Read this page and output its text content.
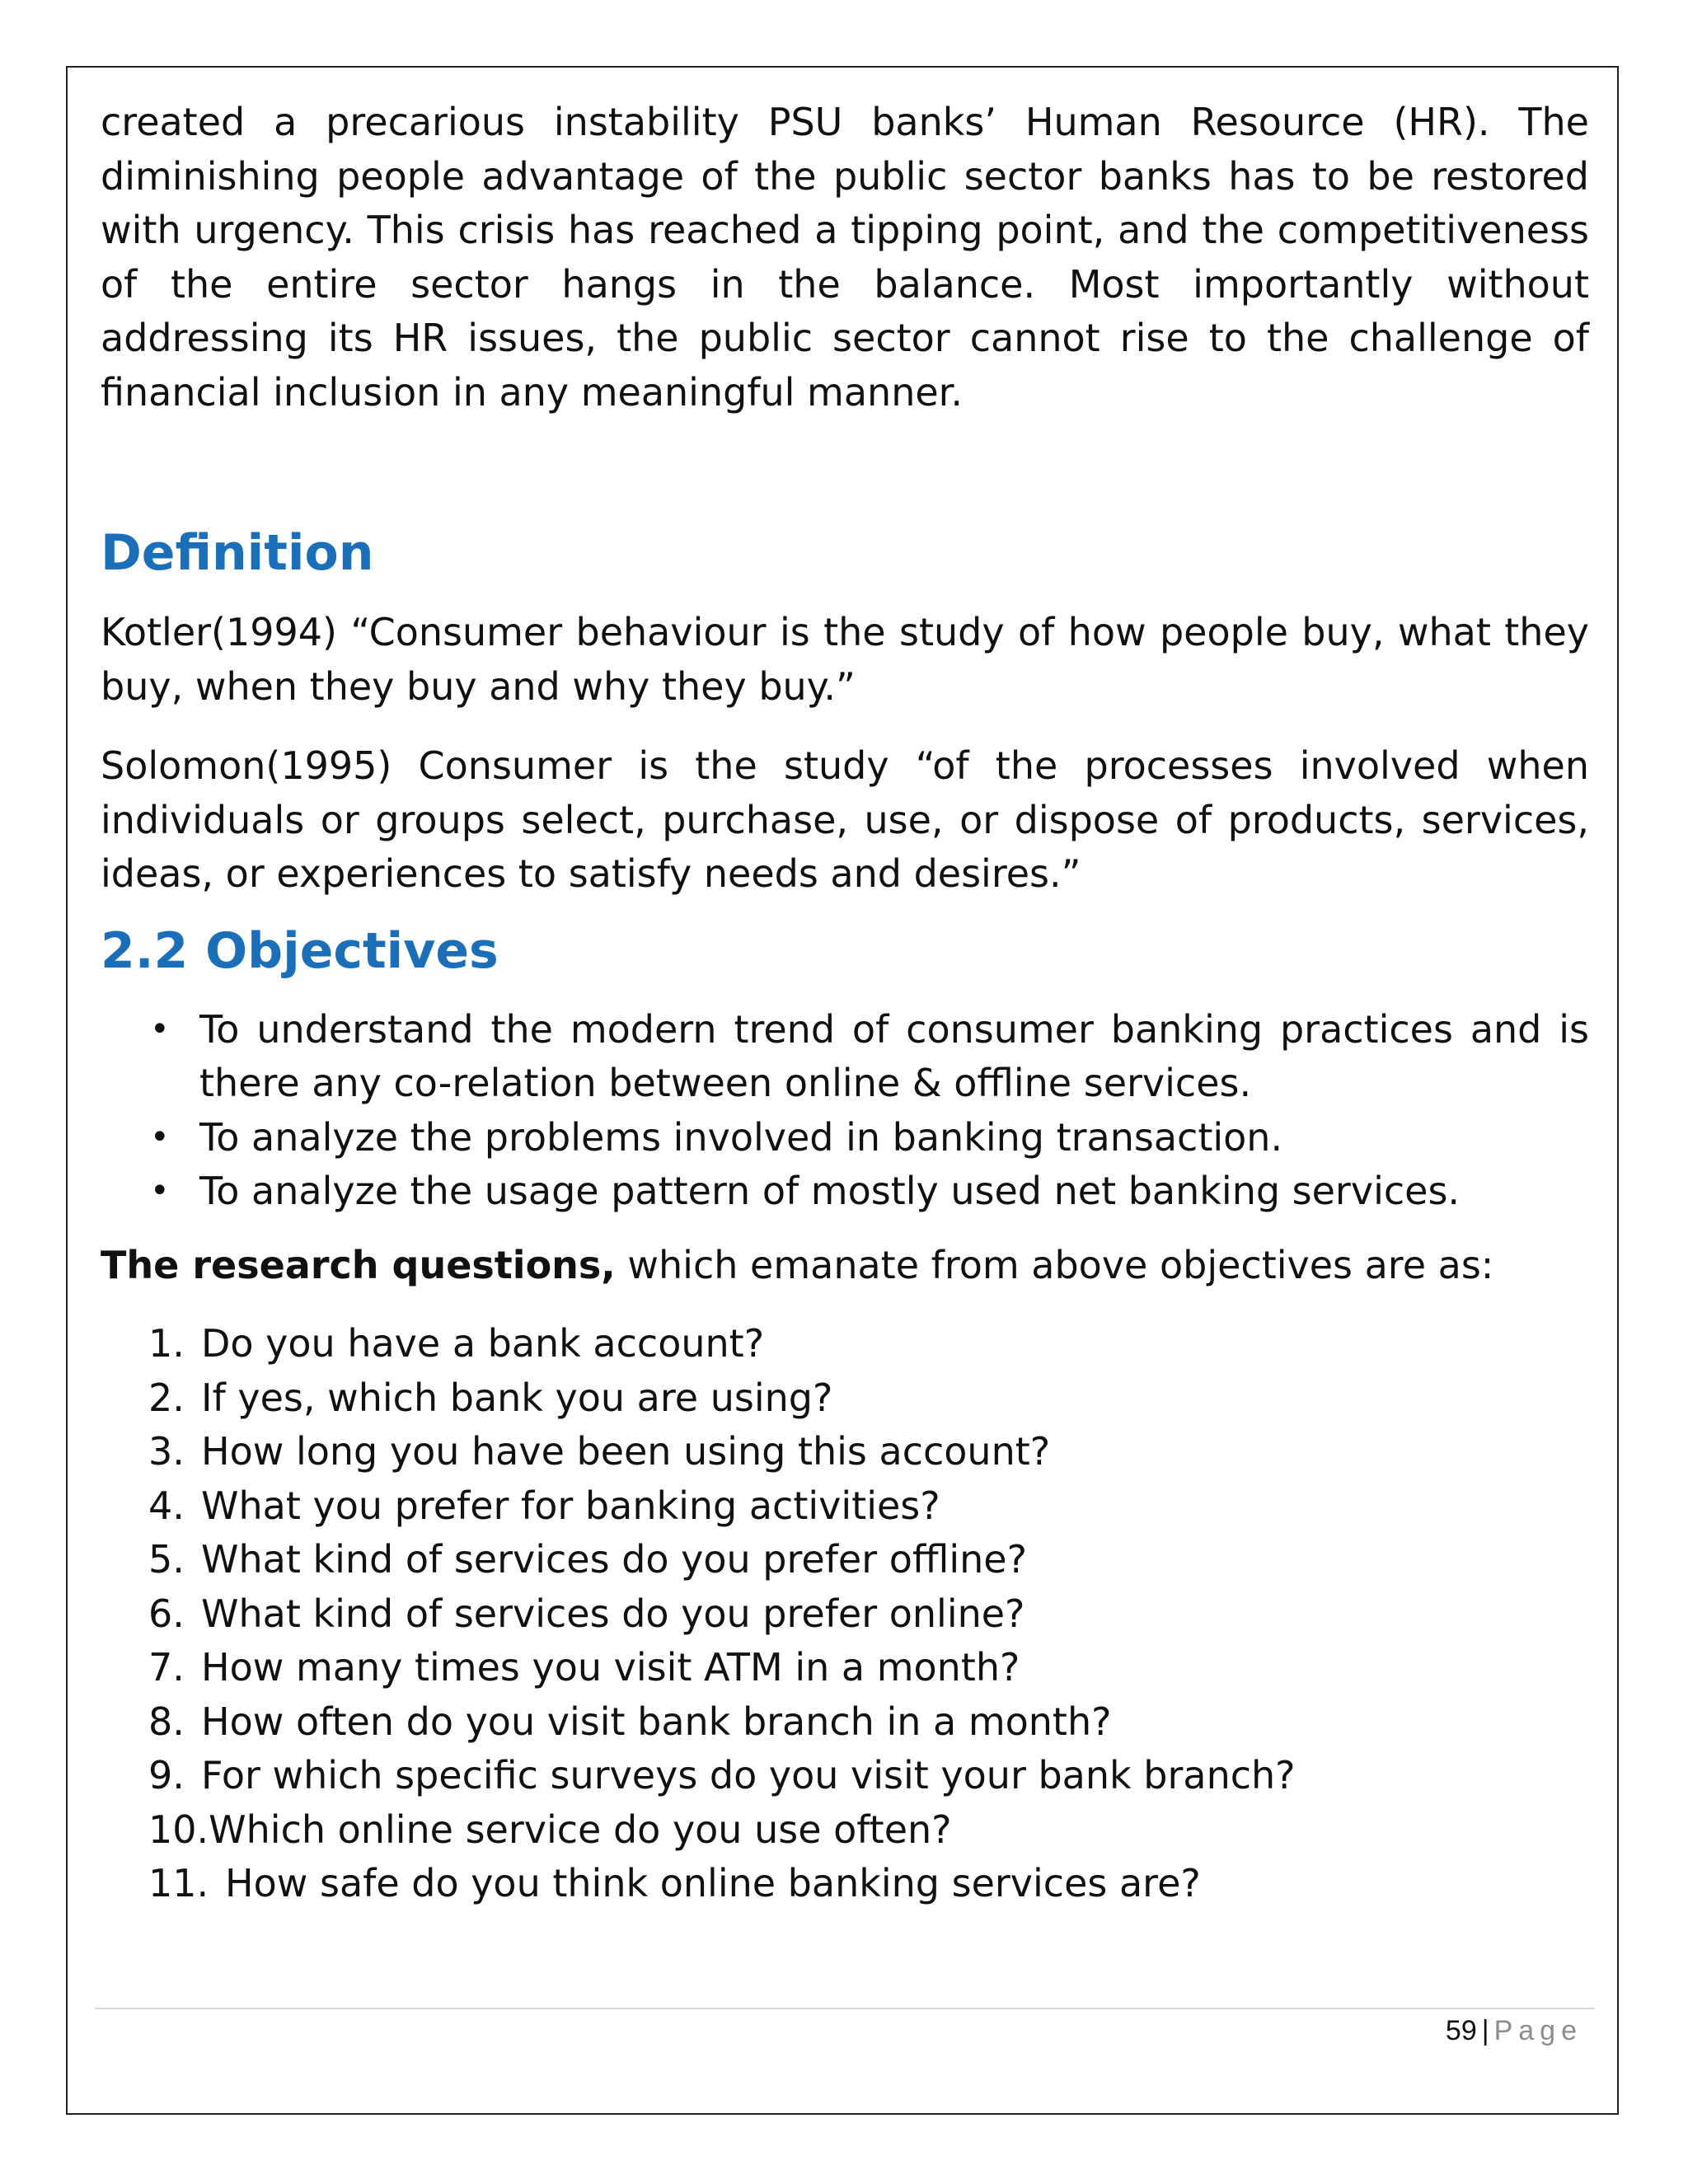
created a precarious instability PSU banks’ Human Resource (HR). The diminishing people advantage of the public sector banks has to be restored with urgency. This crisis has reached a tipping point, and the competitiveness of the entire sector hangs in the balance. Most importantly without addressing its HR issues, the public sector cannot rise to the challenge of financial inclusion in any meaningful manner.

Definition

Kotler(1994) “Consumer behaviour is the study of how people buy, what they buy, when they buy and why they buy.”

Solomon(1995) Consumer is the study “of the processes involved when individuals or groups select, purchase, use, or dispose of products, services, ideas, or experiences to satisfy needs and desires.”

2.2 Objectives
• To understand the modern trend of consumer banking practices and is there any co-relation between online & offline services.
• To analyze the problems involved in banking transaction.
• To analyze the usage pattern of mostly used net banking services.

The research questions, which emanate from above objectives are as:

1. Do you have a bank account?
2. If yes, which bank you are using?
3. How long you have been using this account?
4. What you prefer for banking activities?
5. What kind of services do you prefer offline?
6. What kind of services do you prefer online?
7. How many times you visit ATM in a month?
8. How often do you visit bank branch in a month?
9. For which specific surveys do you visit your bank branch?
10.Which online service do you use often?
11. How safe do you think online banking services are?
59 | Page
